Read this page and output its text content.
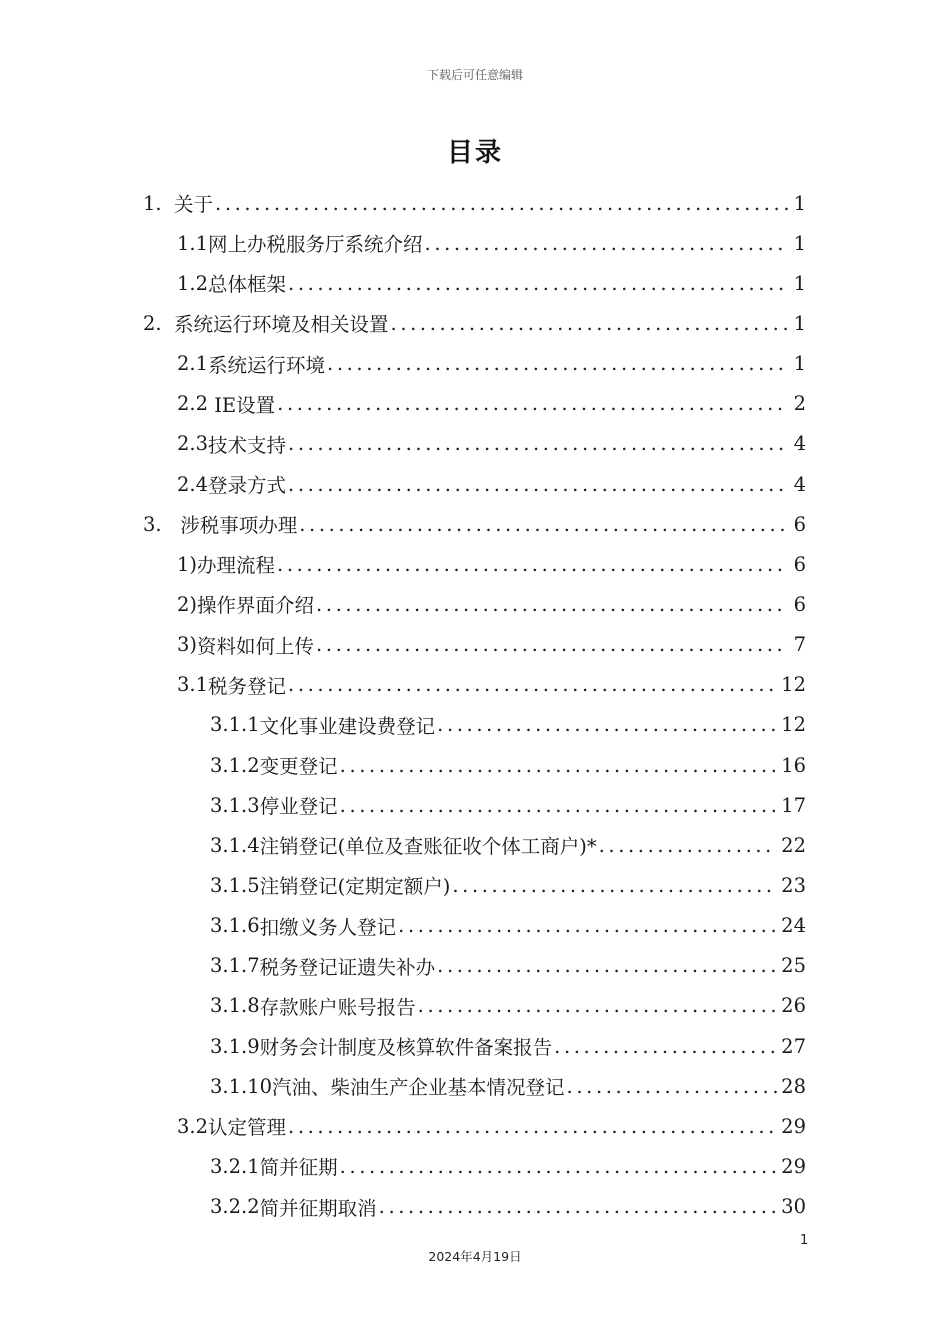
下载后可任意编辑
目录
1. 关于 .....	1
1.1 网上办税服务厅系统介绍 .....	1
1.2 总体框架 .....	1
2. 系统运行环境及相关设置 .....	1
2.1 系统运行环境 .....	1
2.2 IE设置 .....	2
2.3 技术支持 .....	4
2.4 登录方式 .....	4
3. 涉税事项办理 .....	6
1) 办理流程 .....	6
2) 操作界面介绍 .....	6
3) 资料如何上传 .....	7
3.1 税务登记 .....	12
3.1.1 文化事业建设费登记 .....	12
3.1.2 变更登记 .....	16
3.1.3 停业登记 .....	17
3.1.4 注销登记(单位及查账征收个体工商户)* .....	22
3.1.5 注销登记(定期定额户) .....	23
3.1.6 扣缴义务人登记 .....	24
3.1.7 税务登记证遗失补办 .....	25
3.1.8 存款账户账号报告 .....	26
3.1.9 财务会计制度及核算软件备案报告 .....	27
3.1.10 汽油、柴油生产企业基本情况登记 .....	28
3.2 认定管理 .....	29
3.2.1 简并征期 .....	29
3.2.2 简并征期取消 .....	30
1
2024年4月19日
